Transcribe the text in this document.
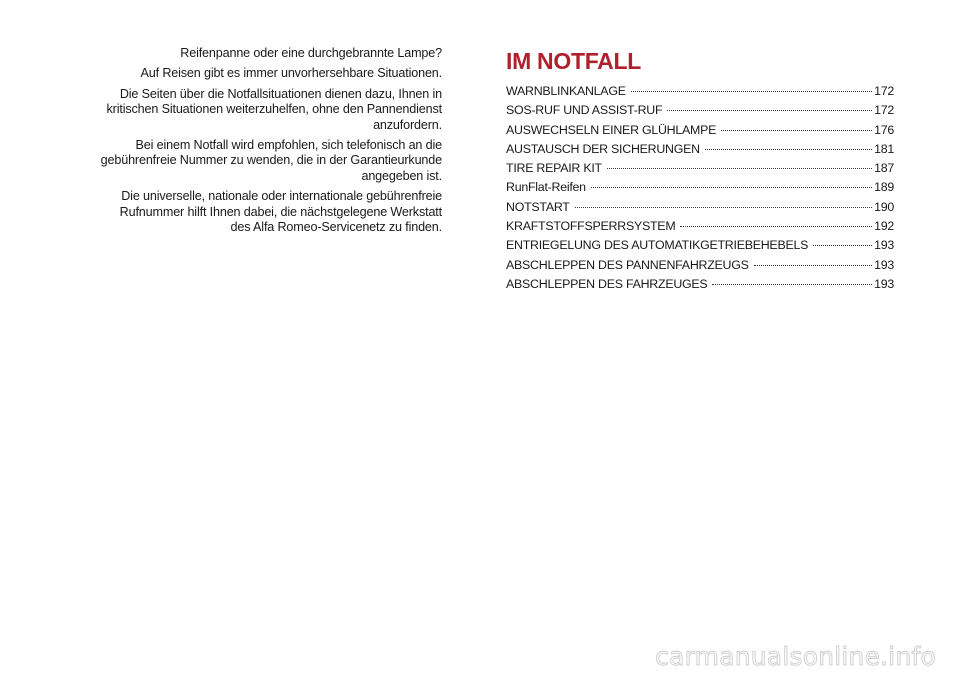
Reifenpanne oder eine durchgebrannte Lampe?

Auf Reisen gibt es immer unvorhersehbare Situationen.

Die Seiten über die Notfallsituationen dienen dazu, Ihnen in kritischen Situationen weiterzuhelfen, ohne den Pannendienst anzufordern.

Bei einem Notfall wird empfohlen, sich telefonisch an die gebührenfreie Nummer zu wenden, die in der Garantieurkunde angegeben ist.

Die universelle, nationale oder internationale gebührenfreie Rufnummer hilft Ihnen dabei, die nächstgelegene Werkstatt des Alfa Romeo-Servicenetz zu finden.

IM NOTFALL
WARNBLINKANLAGE	172
SOS-RUF UND ASSIST-RUF	172
AUSWECHSELN EINER GLÜHLAMPE	176
AUSTAUSCH DER SICHERUNGEN	181
TIRE REPAIR KIT	187
RunFlat-Reifen	189
NOTSTART	190
KRAFTSTOFFSPERRSYSTEM	192
ENTRIEGELUNG DES AUTOMATIKGETRIEBEHEBELS	193
ABSCHLEPPEN DES PANNENFAHRZEUGS	193
ABSCHLEPPEN DES FAHRZEUGES	193
carmanualsonline.info
